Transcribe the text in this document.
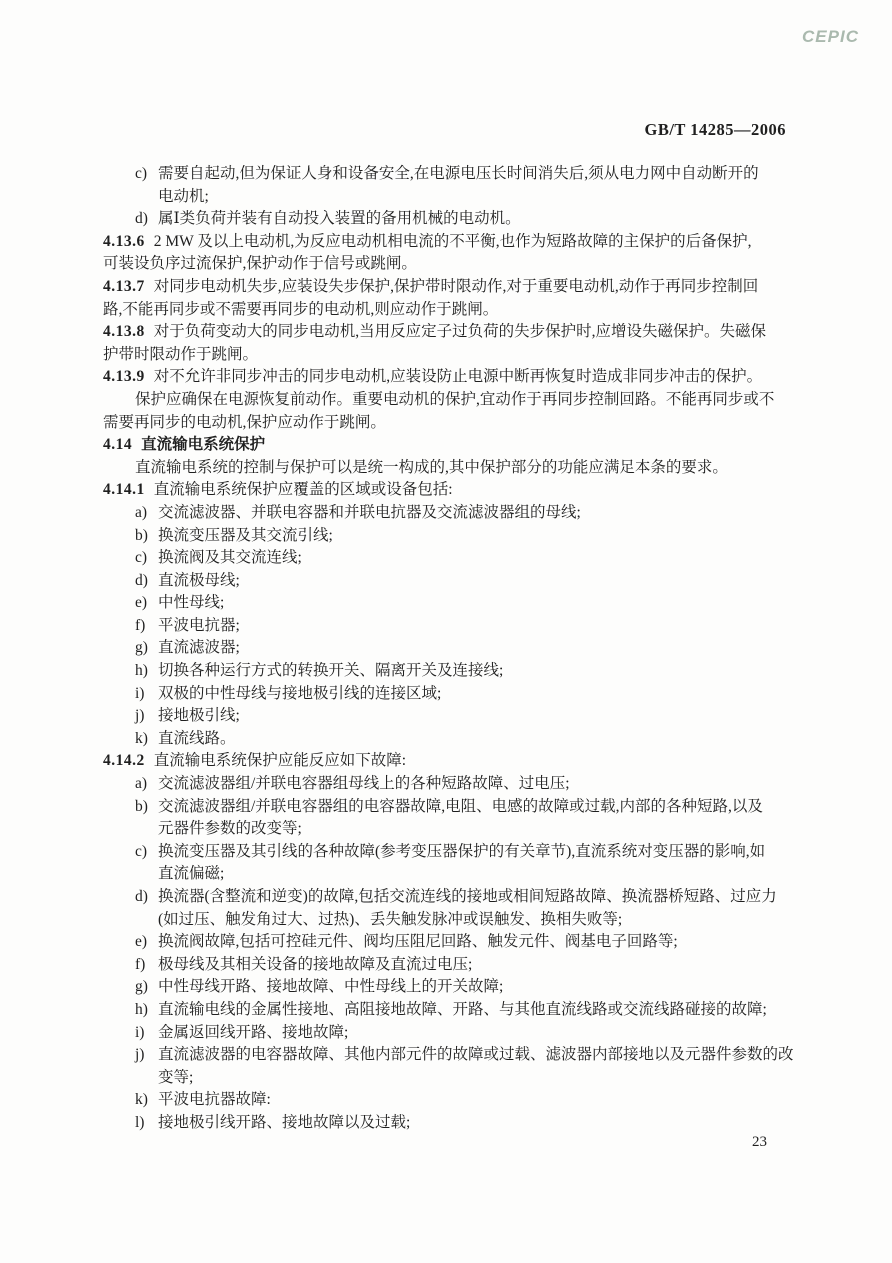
CEPIC
GB/T 14285—2006
c) 需要自起动,但为保证人身和设备安全,在电源电压长时间消失后,须从电力网中自动断开的
电动机;
d) 属Ⅰ类负荷并装有自动投入装置的备用机械的电动机。
4.13.6 2 MW 及以上电动机,为反应电动机相电流的不平衡,也作为短路故障的主保护的后备保护,
可装设负序过流保护,保护动作于信号或跳闸。
4.13.7 对同步电动机失步,应装设失步保护,保护带时限动作,对于重要电动机,动作于再同步控制回
路,不能再同步或不需要再同步的电动机,则应动作于跳闸。
4.13.8 对于负荷变动大的同步电动机,当用反应定子过负荷的失步保护时,应增设失磁保护。失磁保
护带时限动作于跳闸。
4.13.9 对不允许非同步冲击的同步电动机,应装设防止电源中断再恢复时造成非同步冲击的保护。
保护应确保在电源恢复前动作。重要电动机的保护,宜动作于再同步控制回路。不能再同步或不
需要再同步的电动机,保护应动作于跳闸。
4.14 直流输电系统保护
直流输电系统的控制与保护可以是统一构成的,其中保护部分的功能应满足本条的要求。
4.14.1 直流输电系统保护应覆盖的区域或设备包括:
a) 交流滤波器、并联电容器和并联电抗器及交流滤波器组的母线;
b) 换流变压器及其交流引线;
c) 换流阀及其交流连线;
d) 直流极母线;
e) 中性母线;
f) 平波电抗器;
g) 直流滤波器;
h) 切换各种运行方式的转换开关、隔离开关及连接线;
i) 双极的中性母线与接地极引线的连接区域;
j) 接地极引线;
k) 直流线路。
4.14.2 直流输电系统保护应能反应如下故障:
a) 交流滤波器组/并联电容器组母线上的各种短路故障、过电压;
b) 交流滤波器组/并联电容器组的电容器故障,电阻、电感的故障或过载,内部的各种短路,以及
元器件参数的改变等;
c) 换流变压器及其引线的各种故障(参考变压器保护的有关章节),直流系统对变压器的影响,如
直流偏磁;
d) 换流器(含整流和逆变)的故障,包括交流连线的接地或相间短路故障、换流器桥短路、过应力
(如过压、触发角过大、过热)、丢失触发脉冲或误触发、换相失败等;
e) 换流阀故障,包括可控硅元件、阀均压阻尼回路、触发元件、阀基电子回路等;
f) 极母线及其相关设备的接地故障及直流过电压;
g) 中性母线开路、接地故障、中性母线上的开关故障;
h) 直流输电线的金属性接地、高阻接地故障、开路、与其他直流线路或交流线路碰接的故障;
i) 金属返回线开路、接地故障;
j) 直流滤波器的电容器故障、其他内部元件的故障或过载、滤波器内部接地以及元器件参数的改
变等;
k) 平波电抗器故障:
l) 接地极引线开路、接地故障以及过载;
23
